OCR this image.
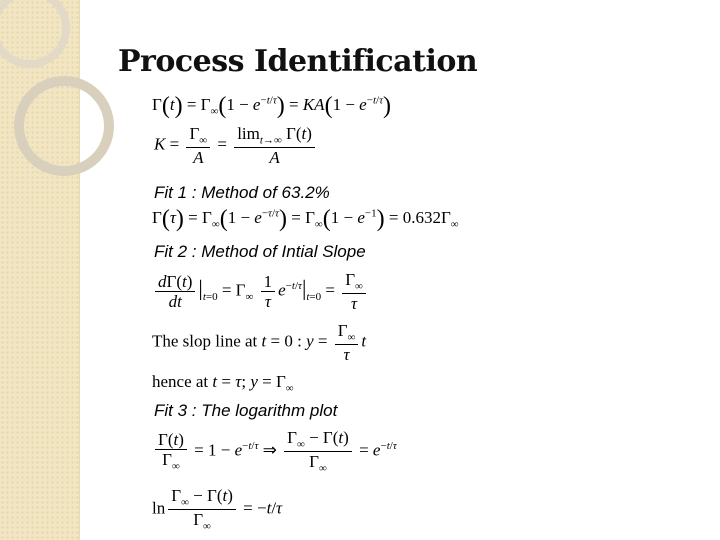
Process Identification
$\Gamma(t) = \Gamma_\infty(1 - e^{-t/\tau}) = KA(1 - e^{-t/\tau})$
$K = \frac{\Gamma_\infty}{A} = \frac{\lim_{t\to\infty} \Gamma(t)}{A}$
Fit 1 : Method of 63.2%
$\Gamma(\tau) = \Gamma_\infty(1 - e^{-\tau/\tau}) = \Gamma_\infty(1 - e^{-1}) = 0.632\Gamma_\infty$
Fit 2 : Method of Intial Slope
$\frac{d\Gamma(t)}{dt} |_{t=0} = \Gamma_\infty \frac{1}{\tau} e^{-t/\tau}|_{t=0} = \frac{\Gamma_\infty}{\tau}$
The slop line at t = 0 : $y = \frac{\Gamma_\infty}{\tau}$ t
hence at t = τ; $y = \Gamma_\infty$
Fit 3 : The logarithm plot
$\frac{\Gamma(t)}{\Gamma_\infty} = 1 - e^{-t/\tau}$ ⇒ $\frac{\Gamma_\infty - \Gamma(t)}{\Gamma_\infty} = e^{-t/\tau}$
$\ln \frac{\Gamma_\infty - \Gamma(t)}{\Gamma_\infty} = -t/\tau$
